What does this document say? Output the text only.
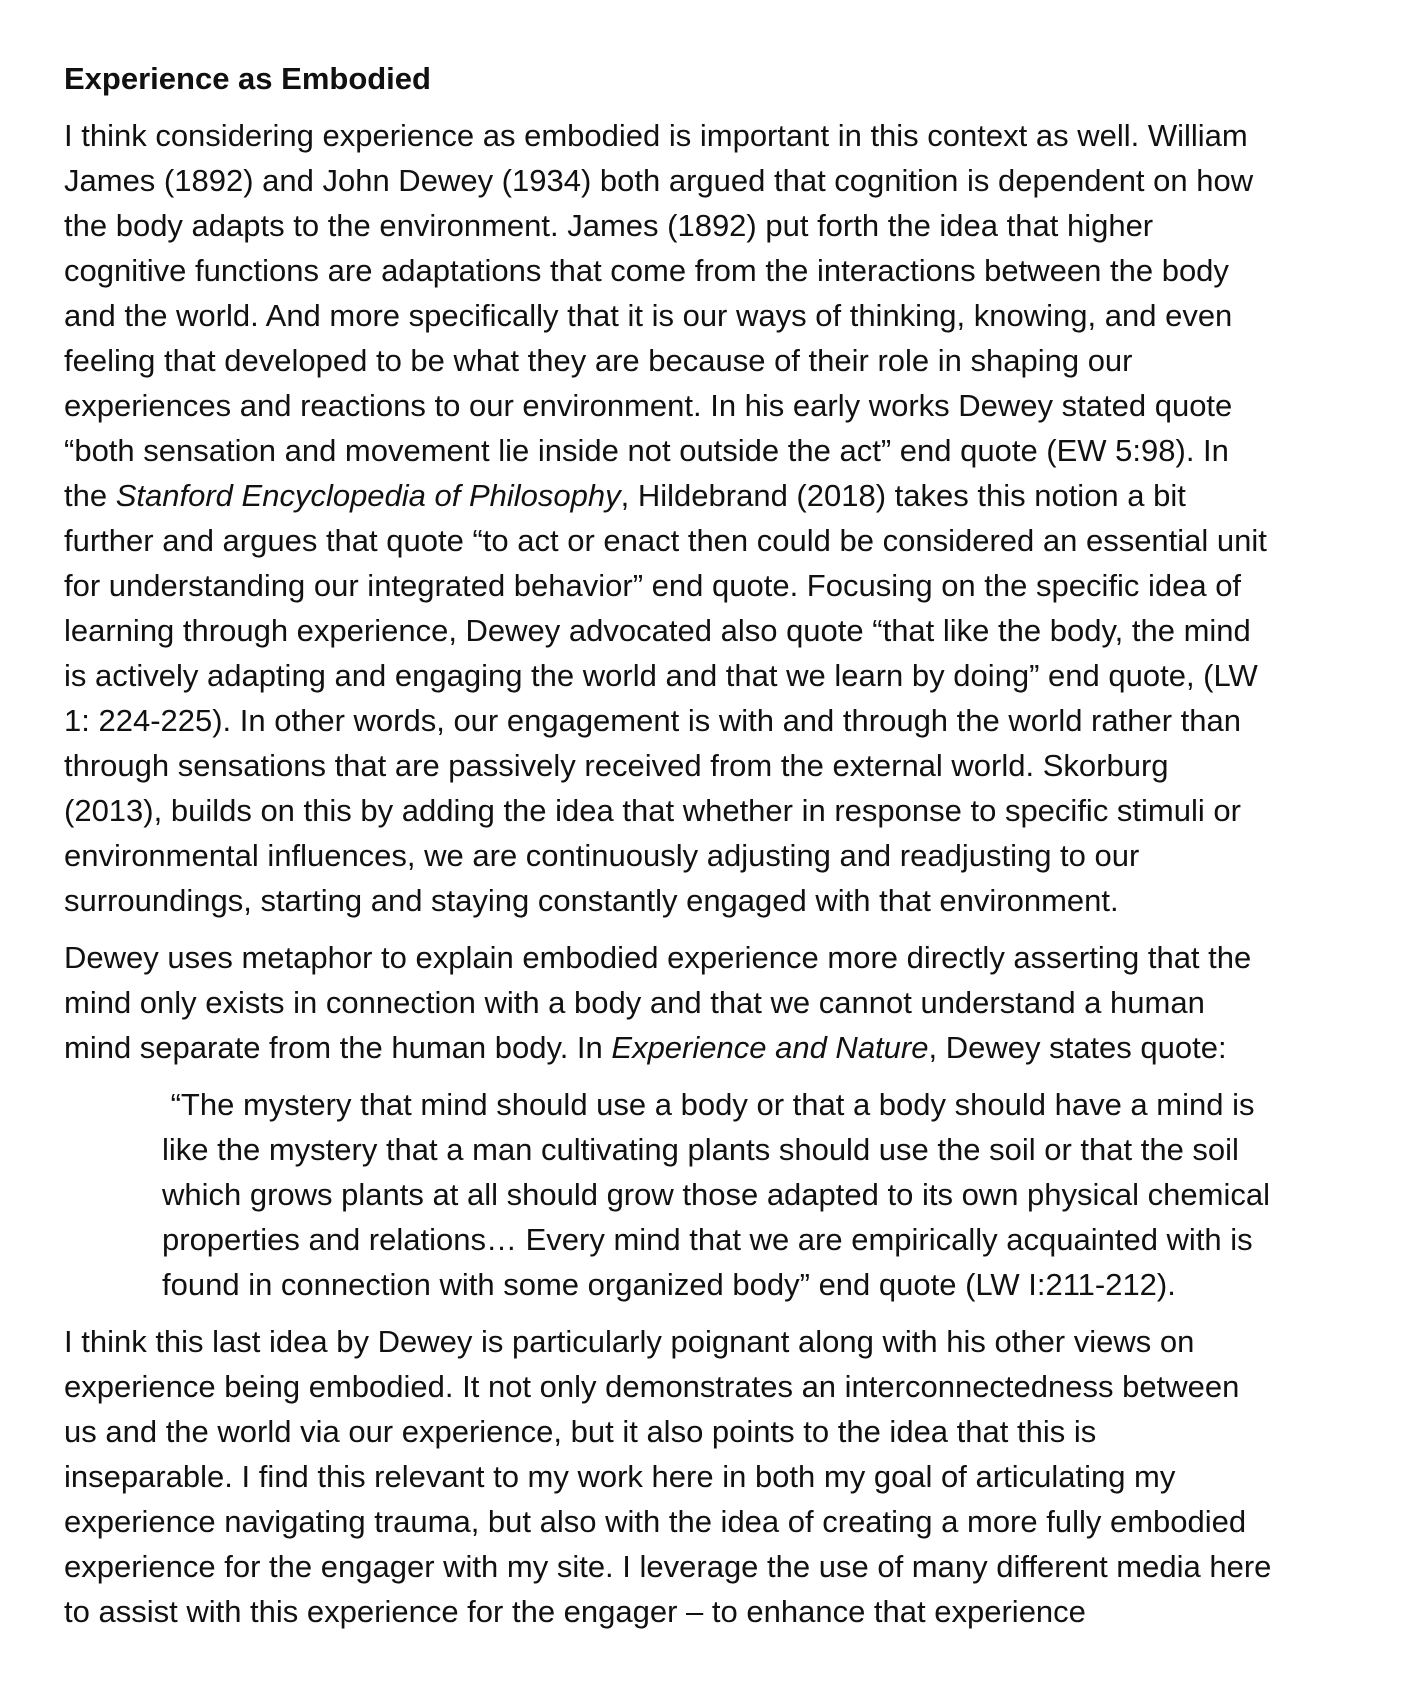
Experience as Embodied
I think considering experience as embodied is important in this context as well. William
James (1892) and John Dewey (1934) both argued that cognition is dependent on how
the body adapts to the environment. James (1892) put forth the idea that higher
cognitive functions are adaptations that come from the interactions between the body
and the world. And more specifically that it is our ways of thinking, knowing, and even
feeling that developed to be what they are because of their role in shaping our
experiences and reactions to our environment. In his early works Dewey stated quote
“both sensation and movement lie inside not outside the act” end quote (EW 5:98). In
the Stanford Encyclopedia of Philosophy, Hildebrand (2018) takes this notion a bit
further and argues that quote “to act or enact then could be considered an essential unit
for understanding our integrated behavior” end quote. Focusing on the specific idea of
learning through experience, Dewey advocated also quote “that like the body, the mind
is actively adapting and engaging the world and that we learn by doing” end quote, (LW
1: 224-225). In other words, our engagement is with and through the world rather than
through sensations that are passively received from the external world. Skorburg
(2013), builds on this by adding the idea that whether in response to specific stimuli or
environmental influences, we are continuously adjusting and readjusting to our
surroundings, starting and staying constantly engaged with that environment.
Dewey uses metaphor to explain embodied experience more directly asserting that the
mind only exists in connection with a body and that we cannot understand a human
mind separate from the human body. In Experience and Nature, Dewey states quote:
“The mystery that mind should use a body or that a body should have a mind is
like the mystery that a man cultivating plants should use the soil or that the soil
which grows plants at all should grow those adapted to its own physical chemical
properties and relations… Every mind that we are empirically acquainted with is
found in connection with some organized body” end quote (LW I:211-212).
I think this last idea by Dewey is particularly poignant along with his other views on
experience being embodied. It not only demonstrates an interconnectedness between
us and the world via our experience, but it also points to the idea that this is
inseparable. I find this relevant to my work here in both my goal of articulating my
experience navigating trauma, but also with the idea of creating a more fully embodied
experience for the engager with my site. I leverage the use of many different media here
to assist with this experience for the engager – to enhance that experience
